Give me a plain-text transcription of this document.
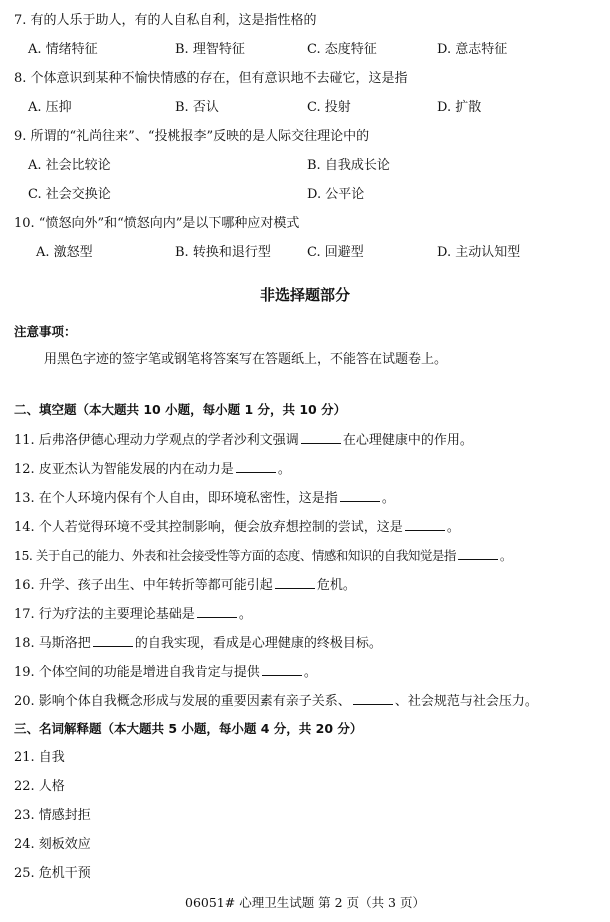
7. 有的人乐于助人，有的人自私自利，这是指性格的
A. 情绪特征	B. 理智特征	C. 态度特征	D. 意志特征
8. 个体意识到某种不愉快情感的存在，但有意识地不去碰它，这是指
A. 压抑	B. 否认	C. 投射	D. 扩散
9. 所谓的“礼尚往来”、“投桃报李”反映的是人际交往理论中的
A. 社会比较论	B. 自我成长论
C. 社会交换论	D. 公平论
10. “愤怒向外”和“愤怒向内”是以下哪种应对模式
A. 激怒型	B. 转换和退行型	C. 回避型	D. 主动认知型
非选择题部分
注意事项：
用黑色字迹的签字笔或钢笔将答案写在答题纸上，不能答在试题卷上。
二、填空题（本大题共 10 小题，每小题 1 分，共 10 分）
11. 后弗洛伊德心理动力学观点的学者沙利文强调	在心理健康中的作用。
12. 皮亚杰认为智能发展的内在动力是	。
13. 在个人环境内保有个人自由，即环境私密性，这是指	。
14. 个人若觉得环境不受其控制影响，便会放弃想控制的尝试，这是	。
15. 关于自己的能力、外表和社会接受性等方面的态度、情感和知识的自我知觉是指	。
16. 升学、孩子出生、中年转折等都可能引起	危机。
17. 行为疗法的主要理论基础是	。
18. 马斯洛把	的自我实现，看成是心理健康的终极目标。
19. 个体空间的功能是增进自我肯定与提供	。
20. 影响个体自我概念形成与发展的重要因素有亲子关系、	、社会规范与社会压力。
三、名词解释题（本大题共 5 小题，每小题 4 分，共 20 分）
21. 自我
22. 人格
23. 情感封拒
24. 刻板效应
25. 危机干预
06051# 心理卫生试题 第 2 页（共 3 页）
